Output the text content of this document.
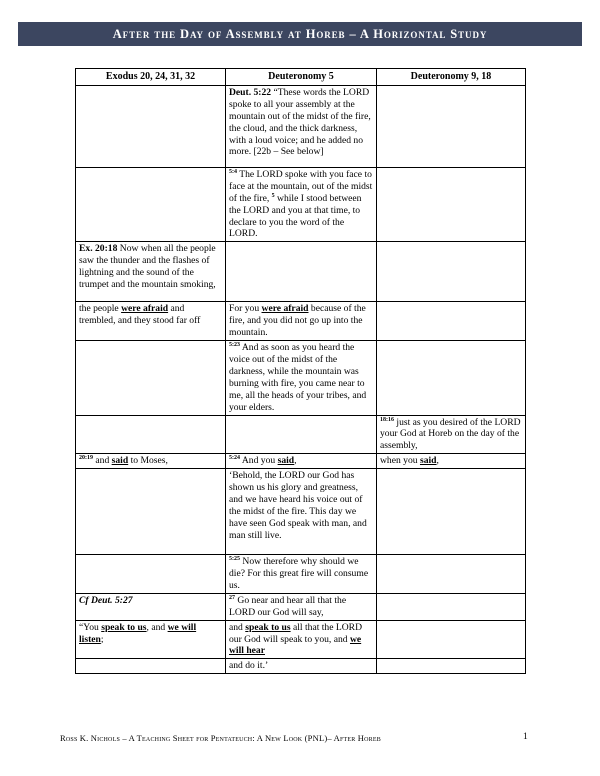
After the Day of Assembly at Horeb – A Horizontal Study
Exodus 20, 24, 31, 32	Deuteronomy 5	Deuteronomy 9, 18
	Deut. 5:22 “These words the LORD spoke to all your assembly at the mountain out of the midst of the fire, the cloud, and the thick darkness, with a loud voice; and he added no more. [22b – See below]	
	$^{5:4}$ The LORD spoke with you face to face at the mountain, out of the midst of the fire, $^5$ while I stood between the LORD and you at that time, to declare to you the word of the LORD.	
Ex. 20:18 Now when all the people saw the thunder and the flashes of lightning and the sound of the trumpet and the mountain smoking,		
the people were afraid and trembled, and they stood far off	For you were afraid because of the fire, and you did not go up into the mountain.	
	$^{5:23}$ And as soon as you heard the voice out of the midst of the darkness, while the mountain was burning with fire, you came near to me, all the heads of your tribes, and your elders.	
		$^{18:16}$ just as you desired of the LORD your God at Horeb on the day of the assembly,
$^{20:19}$ and said to Moses,	$^{5:24}$ And you said,	when you said,
	‘Behold, the LORD our God has shown us his glory and greatness, and we have heard his voice out of the midst of the fire. This day we have seen God speak with man, and man still live.	
	$^{5:25}$ Now therefore why should we die? For this great fire will consume us.	
Cf Deut. 5:27	$^{27}$ Go near and hear all that the LORD our God will say,	
“You speak to us, and we will listen;	and speak to us all that the LORD our God will speak to you, and we will hear	
	and do it.’	
Ross K. Nichols – A Teaching Sheet for Pentateuch: A New Look (PNL)– After Horeb	1
